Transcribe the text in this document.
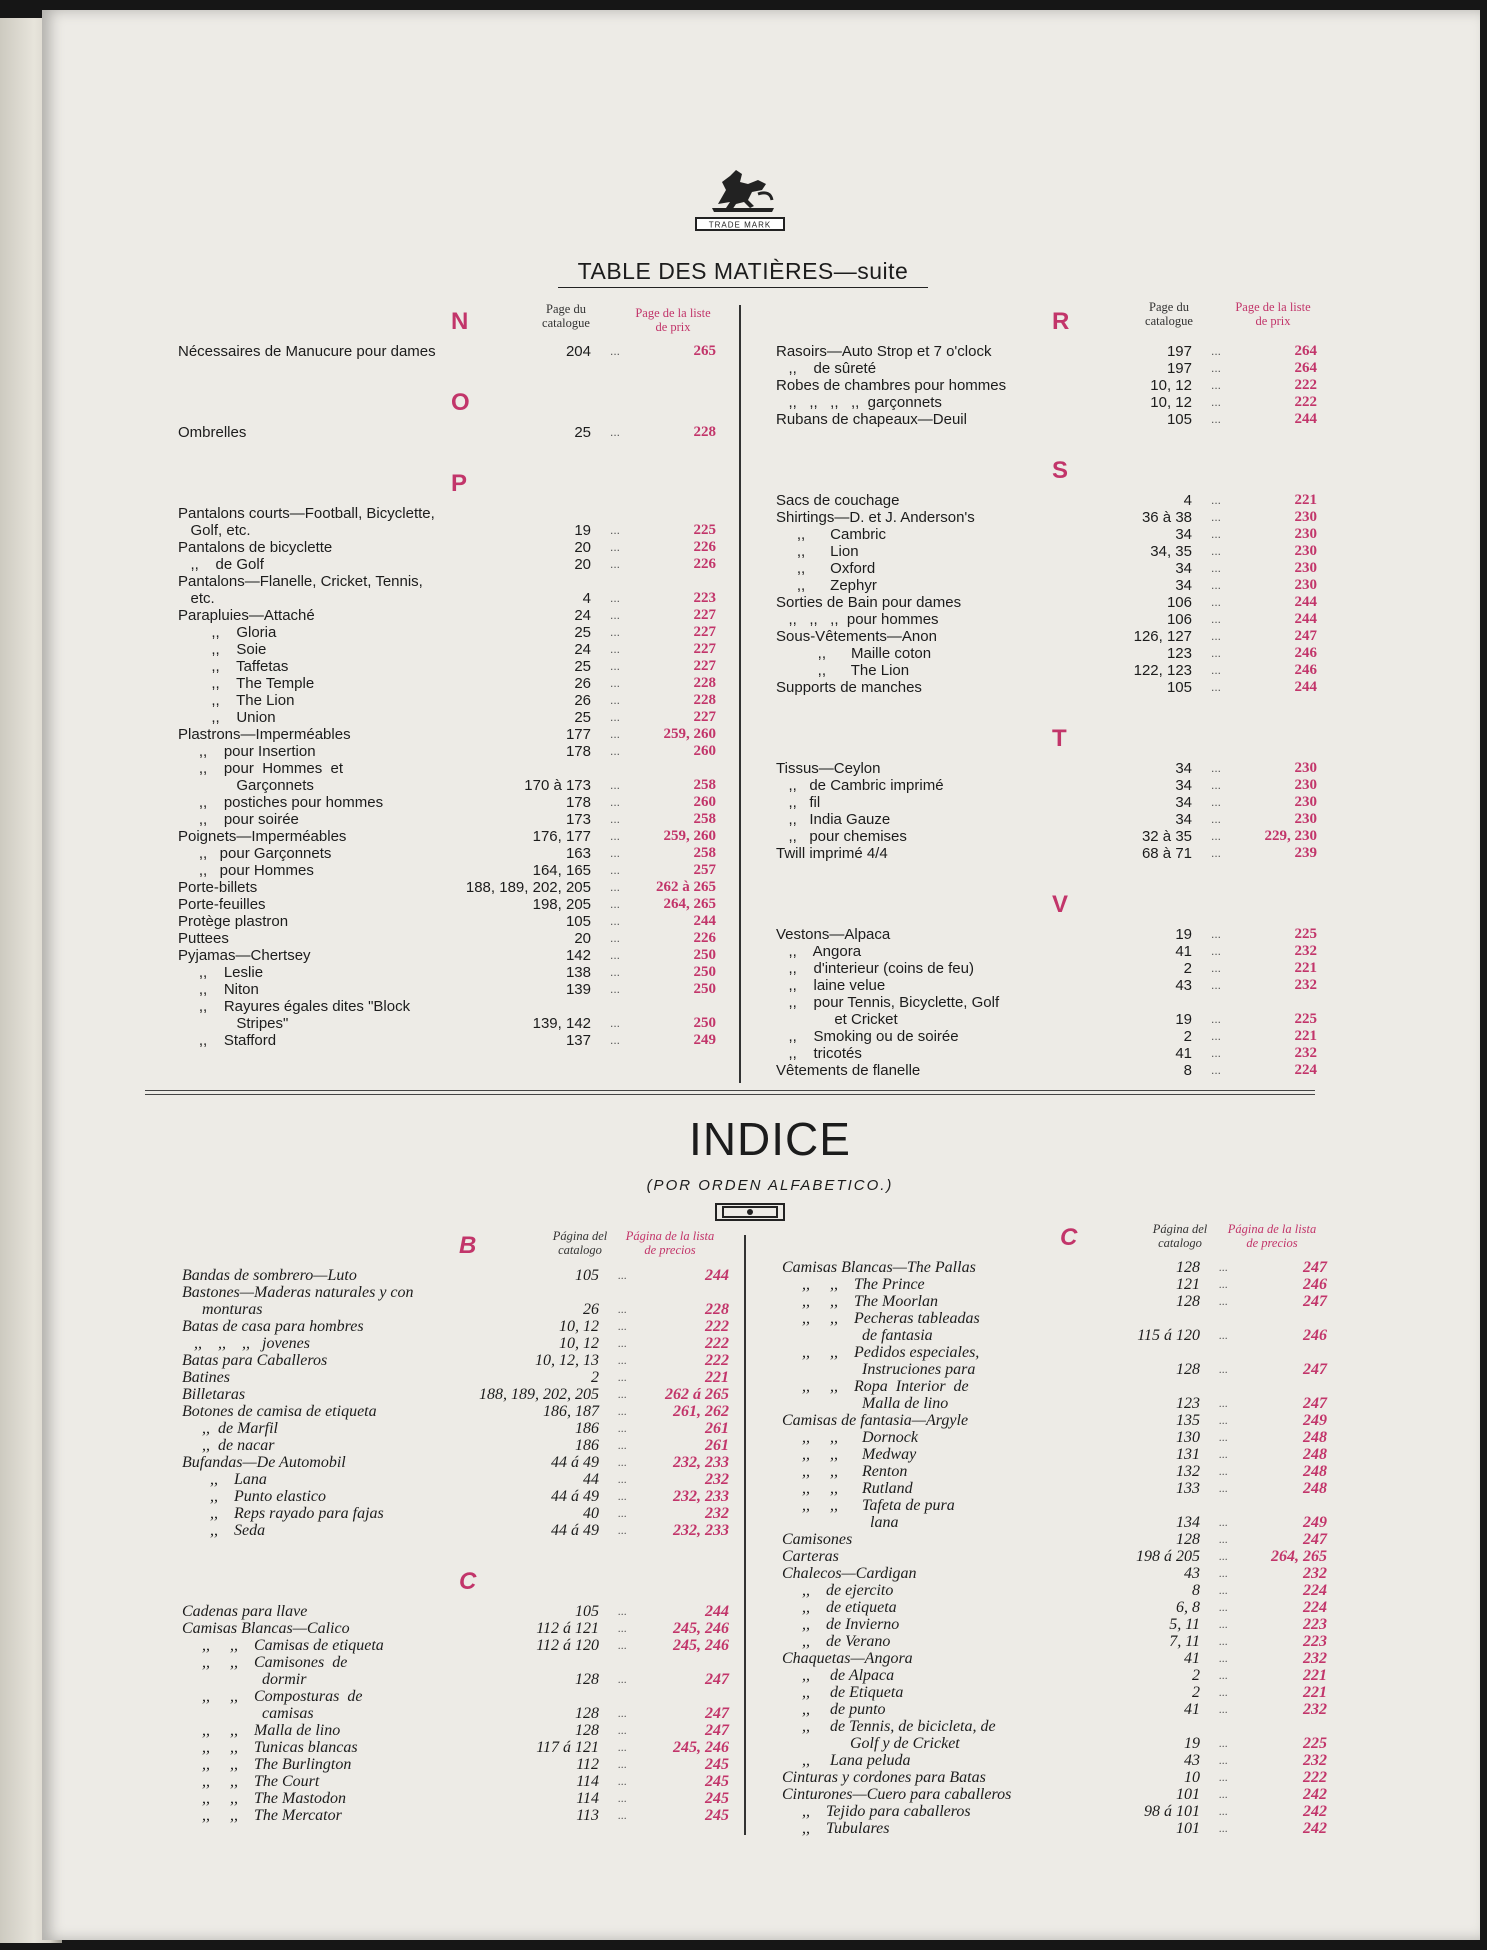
TRADE MARK
TABLE DES MATIÈRES—suite
Page du catalogue
Page de la liste de prix
Page du catalogue
Page de la liste de prix
N
Nécessaires de Manucure pour dames	204 ...	265
O
Ombrelles	25 ...	228
P
Pantalons courts—Football, Bicyclette,
Golf, etc.	19 ...	225
Pantalons de bicyclette	20 ...	226
,,    de Golf	20 ...	226
Pantalons—Flanelle, Cricket, Tennis,
etc.	4 ...	223
Parapluies—Attaché	24 ...	227
,,    Gloria	25 ...	227
,,    Soie	24 ...	227
,,    Taffetas	25 ...	227
,,    The Temple	26 ...	228
,,    The Lion	26 ...	228
,,    Union	25 ...	227
Plastrons—Imperméables	177 ...	259, 260
,,    pour Insertion	178 ...	260
,,    pour  Hommes  et
Garçonnets	170 à 173 ...	258
,,    postiches pour hommes	178 ...	260
,,    pour soirée	173 ...	258
Poignets—Imperméables	176, 177 ...	259, 260
,,   pour Garçonnets	163 ...	258
,,   pour Hommes	164, 165 ...	257
Porte-billets	188, 189, 202, 205 ... 262 à 265
Porte-feuilles	198, 205 ...	264, 265
Protège plastron	105 ...	244
Puttees	20 ...	226
Pyjamas—Chertsey	142 ...	250
,,    Leslie	138 ...	250
,,    Niton	139 ...	250
,,    Rayures égales dites "Block
Stripes"	139, 142 ...	250
,,    Stafford	137 ...	249
R
Rasoirs—Auto Strop et 7 o'clock	197 ...	264
,,    de sûreté	197 ...	264
Robes de chambres pour hommes	10, 12 ...	222
,,   ,,   ,,   ,,  garçonnets	10, 12 ...	222
Rubans de chapeaux—Deuil	105 ...	244
S
Sacs de couchage	4 ...	221
Shirtings—D. et J. Anderson's	36 à 38 ...	230
,,      Cambric	34 ...	230
,,      Lion	34, 35 ...	230
,,      Oxford	34 ...	230
,,      Zephyr	34 ...	230
Sorties de Bain pour dames	106 ...	244
,,   ,,   ,,  pour hommes	106 ...	244
Sous-Vêtements—Anon	126, 127 ...	247
,,      Maille coton	123 ...	246
,,      The Lion	122, 123 ...	246
Supports de manches	105 ...	244
T
Tissus—Ceylon	34 ...	230
,,   de Cambric imprimé	34 ...	230
,,   fil	34 ...	230
,,   India Gauze	34 ...	230
,,   pour chemises	32 à 35 ...	229, 230
Twill imprimé 4/4	68 à 71 ...	239
V
Vestons—Alpaca	19 ...	225
,,    Angora	41 ...	232
,,    d'interieur (coins de feu)	2 ...	221
,,    laine velue	43 ...	232
,,    pour Tennis, Bicyclette, Golf
et Cricket	19 ...	225
,,    Smoking ou de soirée	2 ...	221
,,    tricotés	41 ...	232
Vêtements de flanelle	8 ...	224
INDICE
(POR ORDEN ALFABETICO.)
Página del catalogo
Página de la lista de precios
Página del catalogo
Página de la lista de precios
B
Bandas de sombrero—Luto	105 ...	244
Bastones—Maderas naturales y con
monturas	26 ...	228
Batas de casa para hombres	10, 12 ...	222
,,    ,,    ,,   jovenes	10, 12 ...	222
Batas para Caballeros	10, 12, 13 ...	222
Batines	2 ...	221
Billetaras	188, 189, 202, 205 ... 262 á 265
Botones de camisa de etiqueta	186, 187 ...	261, 262
,,  de Marfil	186 ...	261
,,  de nacar	186 ...	261
Bufandas—De Automobil	44 á 49 ...	232, 233
,,    Lana	44 ...	232
,,    Punto elastico	44 á 49 ...	232, 233
,,    Reps rayado para fajas	40 ...	232
,,    Seda	44 á 49 ...	232, 233
C
Cadenas para llave	105 ...	244
Camisas Blancas—Calico	112 á 121 ...	245, 246
,,     ,,    Camisas de etiqueta	112 á 120 ...	245, 246
,,     ,,    Camisones  de
dormir	128 ...	247
,,     ,,    Composturas  de
camisas	128 ...	247
,,     ,,    Malla de lino	128 ...	247
,,     ,,    Tunicas blancas	117 á 121 ...	245, 246
,,     ,,    The Burlington	112 ...	245
,,     ,,    The Court	114 ...	245
,,     ,,    The Mastodon	114 ...	245
,,     ,,    The Mercator	113 ...	245
C
Camisas Blancas—The Pallas	128 ...	247
,,     ,,    The Prince	121 ...	246
,,     ,,    The Moorlan	128 ...	247
,,     ,,    Pecheras tableadas
de fantasia	115 á 120 ...	246
,,     ,,    Pedidos especiales,
Instruciones para	128 ...	247
,,     ,,    Ropa  Interior  de
Malla de lino	123 ...	247
Camisas de fantasia—Argyle	135 ...	249
,,     ,,      Dornock	130 ...	248
,,     ,,      Medway	131 ...	248
,,     ,,      Renton	132 ...	248
,,     ,,      Rutland	133 ...	248
,,     ,,      Tafeta de pura
lana	134 ...	249
Camisones	128 ...	247
Carteras	198 á 205 ...	264, 265
Chalecos—Cardigan	43 ...	232
,,    de ejercito	8 ...	224
,,    de etiqueta	6, 8 ...	224
,,    de Invierno	5, 11 ...	223
,,    de Verano	7, 11 ...	223
Chaquetas—Angora	41 ...	232
,,     de Alpaca	2 ...	221
,,     de Etiqueta	2 ...	221
,,     de punto	41 ...	232
,,     de Tennis, de bicicleta, de
Golf y de Cricket	19 ...	225
,,     Lana peluda	43 ...	232
Cinturas y cordones para Batas	10 ...	222
Cinturones—Cuero para caballeros	101 ...	242
,,    Tejido para caballeros	98 á 101 ...	242
,,    Tubulares	101 ...	242
